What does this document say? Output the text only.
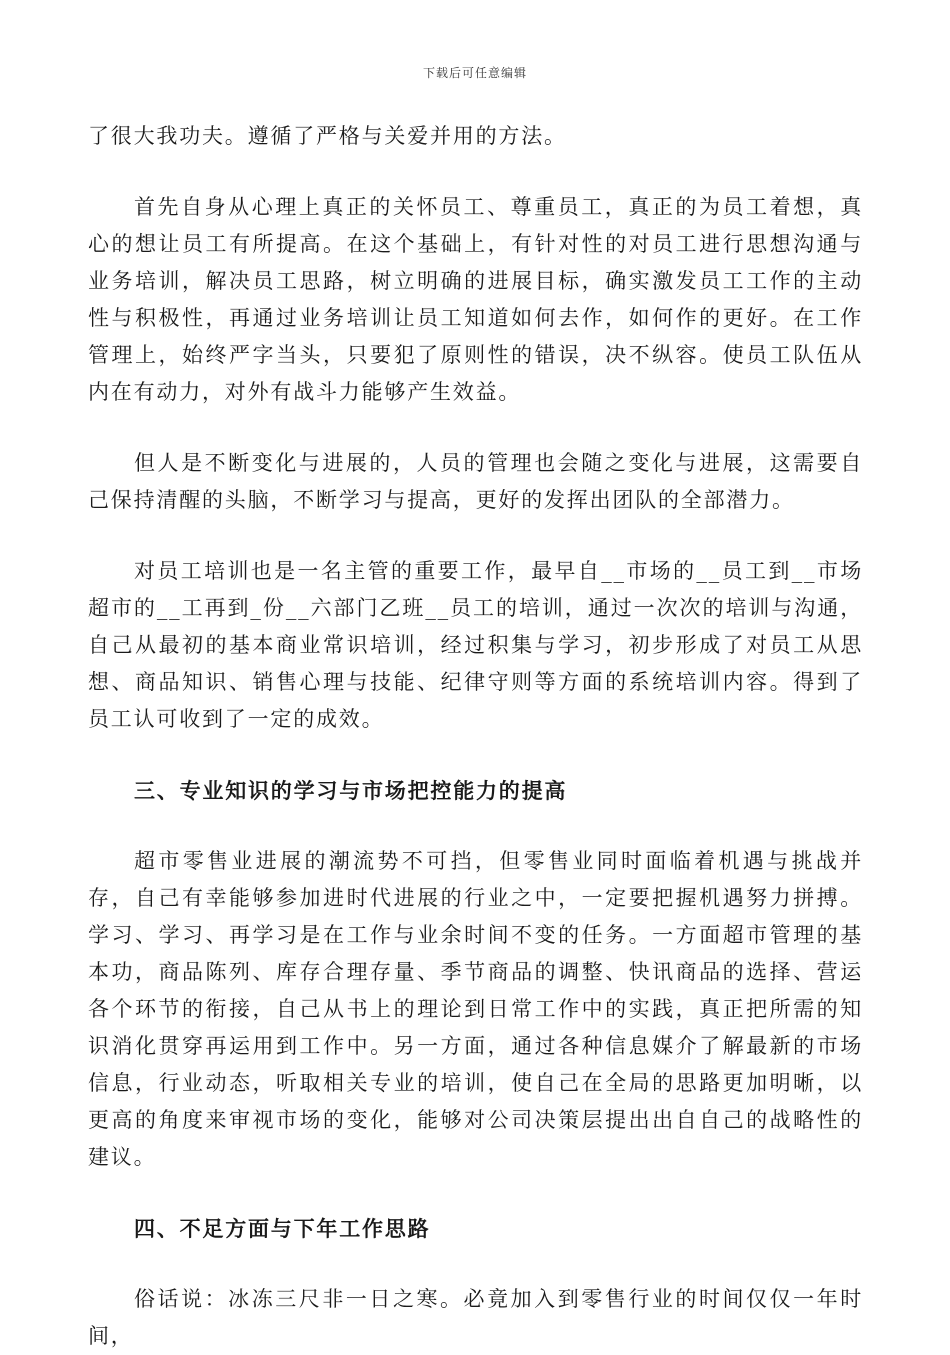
下载后可任意编辑

了很大我功夫。遵循了严格与关爱并用的方法。

首先自身从心理上真正的关怀员工、尊重员工，真正的为员工着想，真心的想让员工有所提高。在这个基础上，有针对性的对员工进行思想沟通与业务培训，解决员工思路，树立明确的进展目标，确实激发员工工作的主动性与积极性，再通过业务培训让员工知道如何去作，如何作的更好。在工作管理上，始终严字当头，只要犯了原则性的错误，决不纵容。使员工队伍从内在有动力，对外有战斗力能够产生效益。

但人是不断变化与进展的，人员的管理也会随之变化与进展，这需要自己保持清醒的头脑，不断学习与提高，更好的发挥出团队的全部潜力。

对员工培训也是一名主管的重要工作，最早自__市场的__员工到__市场超市的__工再到_份__六部门乙班__员工的培训，通过一次次的培训与沟通，自己从最初的基本商业常识培训，经过积集与学习，初步形成了对员工从思想、商品知识、销售心理与技能、纪律守则等方面的系统培训内容。得到了员工认可收到了一定的成效。

三、专业知识的学习与市场把控能力的提高

超市零售业进展的潮流势不可挡，但零售业同时面临着机遇与挑战并存，自己有幸能够参加进时代进展的行业之中，一定要把握机遇努力拼搏。学习、学习、再学习是在工作与业余时间不变的任务。一方面超市管理的基本功，商品陈列、库存合理存量、季节商品的调整、快讯商品的选择、营运各个环节的衔接，自己从书上的理论到日常工作中的实践，真正把所需的知识消化贯穿再运用到工作中。另一方面，通过各种信息媒介了解最新的市场信息，行业动态，听取相关专业的培训，使自己在全局的思路更加明晰，以更高的角度来审视市场的变化，能够对公司决策层提出出自自己的战略性的建议。

四、不足方面与下年工作思路

俗话说：冰冻三尺非一日之寒。必竟加入到零售行业的时间仅仅一年时间，
